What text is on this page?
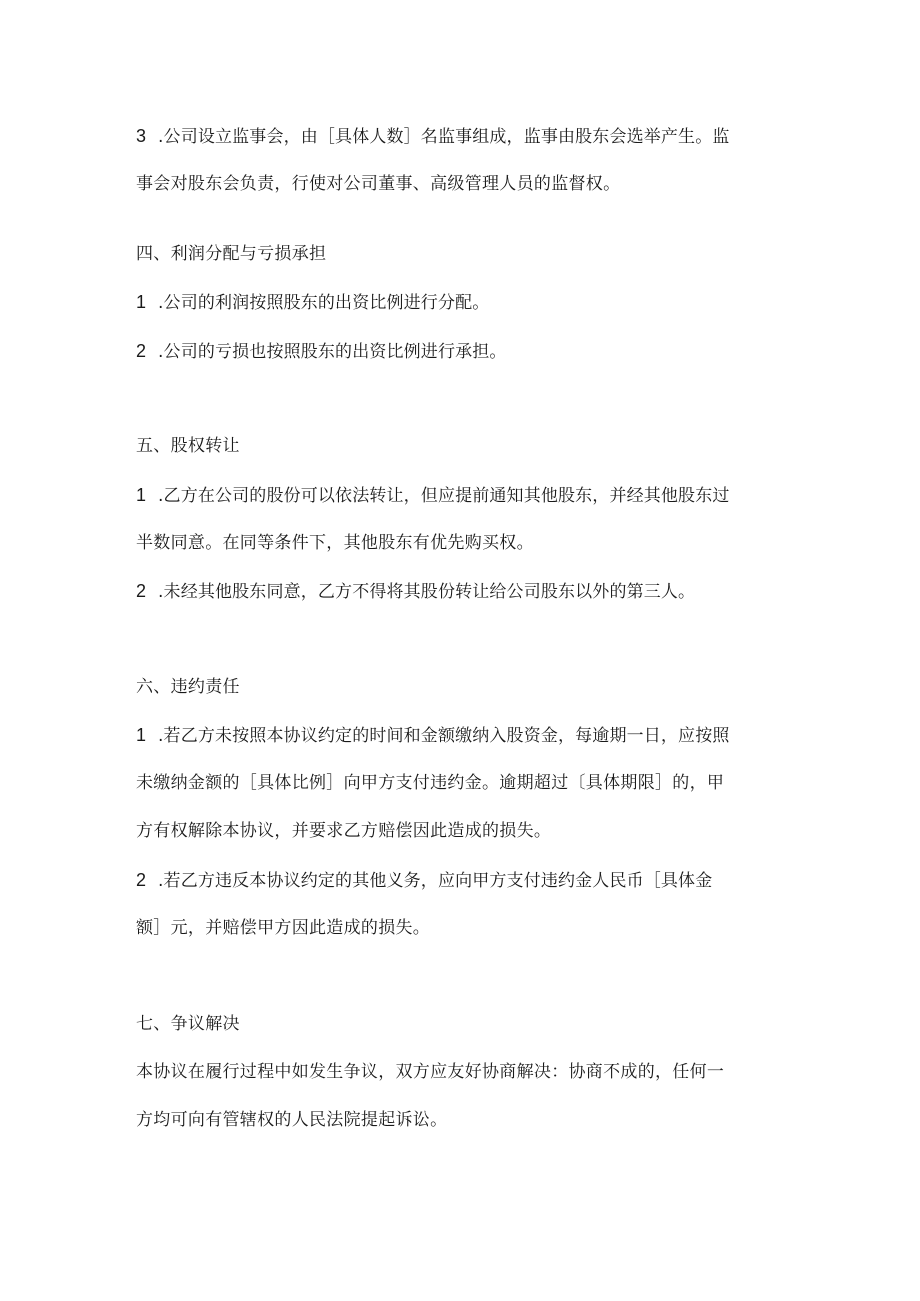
3 .公司设立监事会，由［具体人数］名监事组成，监事由股东会选举产生。监
事会对股东会负责，行使对公司董事、高级管理人员的监督权。
四、利润分配与亏损承担
1 .公司的利润按照股东的出资比例进行分配。
2 .公司的亏损也按照股东的出资比例进行承担。
五、股权转让
1 .乙方在公司的股份可以依法转让，但应提前通知其他股东，并经其他股东过
半数同意。在同等条件下，其他股东有优先购买权。
2 .未经其他股东同意，乙方不得将其股份转让给公司股东以外的第三人。
六、违约责任
1 .若乙方未按照本协议约定的时间和金额缴纳入股资金，每逾期一日，应按照
未缴纳金额的［具体比例］向甲方支付违约金。逾期超过〔具体期限］的，甲
方有权解除本协议，并要求乙方赔偿因此造成的损失。
2 .若乙方违反本协议约定的其他义务，应向甲方支付违约金人民币［具体金
额］元，并赔偿甲方因此造成的损失。
七、争议解决
本协议在履行过程中如发生争议，双方应友好协商解决：协商不成的，任何一
方均可向有管辖权的人民法院提起诉讼。
